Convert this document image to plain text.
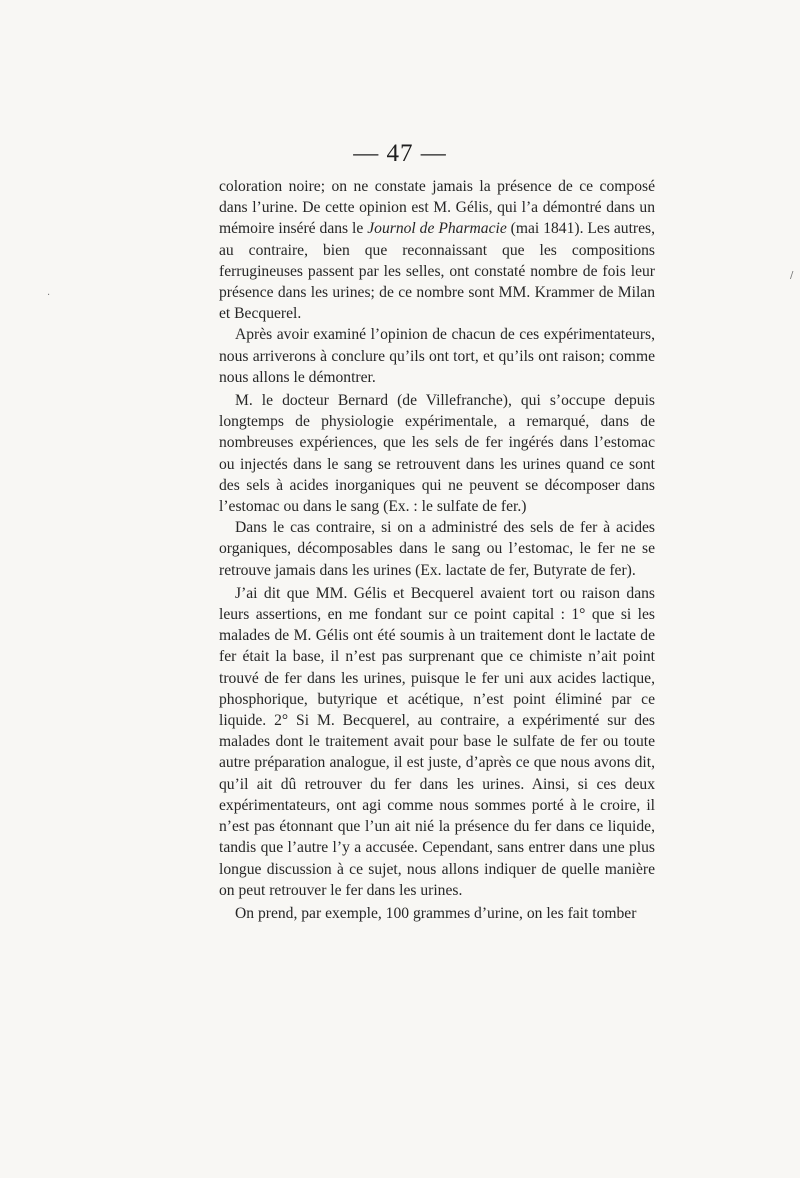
— 47 —

coloration noire; on ne constate jamais la présence de ce composé dans l’urine. De cette opinion est M. Gélis, qui l’a démontré dans un mémoire inséré dans le Journol de Pharmacie (mai 1841). Les autres, au contraire, bien que reconnaissant que les compositions ferrugineuses passent par les selles, ont constaté nombre de fois leur présence dans les urines; de ce nombre sont MM. Krammer de Milan et Becquerel.

Après avoir examiné l’opinion de chacun de ces expérimentateurs, nous arriverons à conclure qu’ils ont tort, et qu’ils ont raison; comme nous allons le démontrer.

M. le docteur Bernard (de Villefranche), qui s’occupe depuis longtemps de physiologie expérimentale, a remarqué, dans de nombreuses expériences, que les sels de fer ingérés dans l’estomac ou injectés dans le sang se retrouvent dans les urines quand ce sont des sels à acides inorganiques qui ne peuvent se décomposer dans l’estomac ou dans le sang (Ex. : le sulfate de fer.)

Dans le cas contraire, si on a administré des sels de fer à acides organiques, décomposables dans le sang ou l’estomac, le fer ne se retrouve jamais dans les urines (Ex. lactate de fer, Butyrate de fer).

J’ai dit que MM. Gélis et Becquerel avaient tort ou raison dans leurs assertions, en me fondant sur ce point capital : 1° que si les malades de M. Gélis ont été soumis à un traitement dont le lactate de fer était la base, il n’est pas surprenant que ce chimiste n’ait point trouvé de fer dans les urines, puisque le fer uni aux acides lactique, phosphorique, butyrique et acétique, n’est point éliminé par ce liquide. 2° Si M. Becquerel, au contraire, a expérimenté sur des malades dont le traitement avait pour base le sulfate de fer ou toute autre préparation analogue, il est juste, d’après ce que nous avons dit, qu’il ait dû retrouver du fer dans les urines. Ainsi, si ces deux expérimentateurs, ont agi comme nous sommes porté à le croire, il n’est pas étonnant que l’un ait nié la présence du fer dans ce liquide, tandis que l’autre l’y a accusée. Cependant, sans entrer dans une plus longue discussion à ce sujet, nous allons indiquer de quelle manière on peut retrouver le fer dans les urines.

On prend, par exemple, 100 grammes d’urine, on les fait tomber

/
·
